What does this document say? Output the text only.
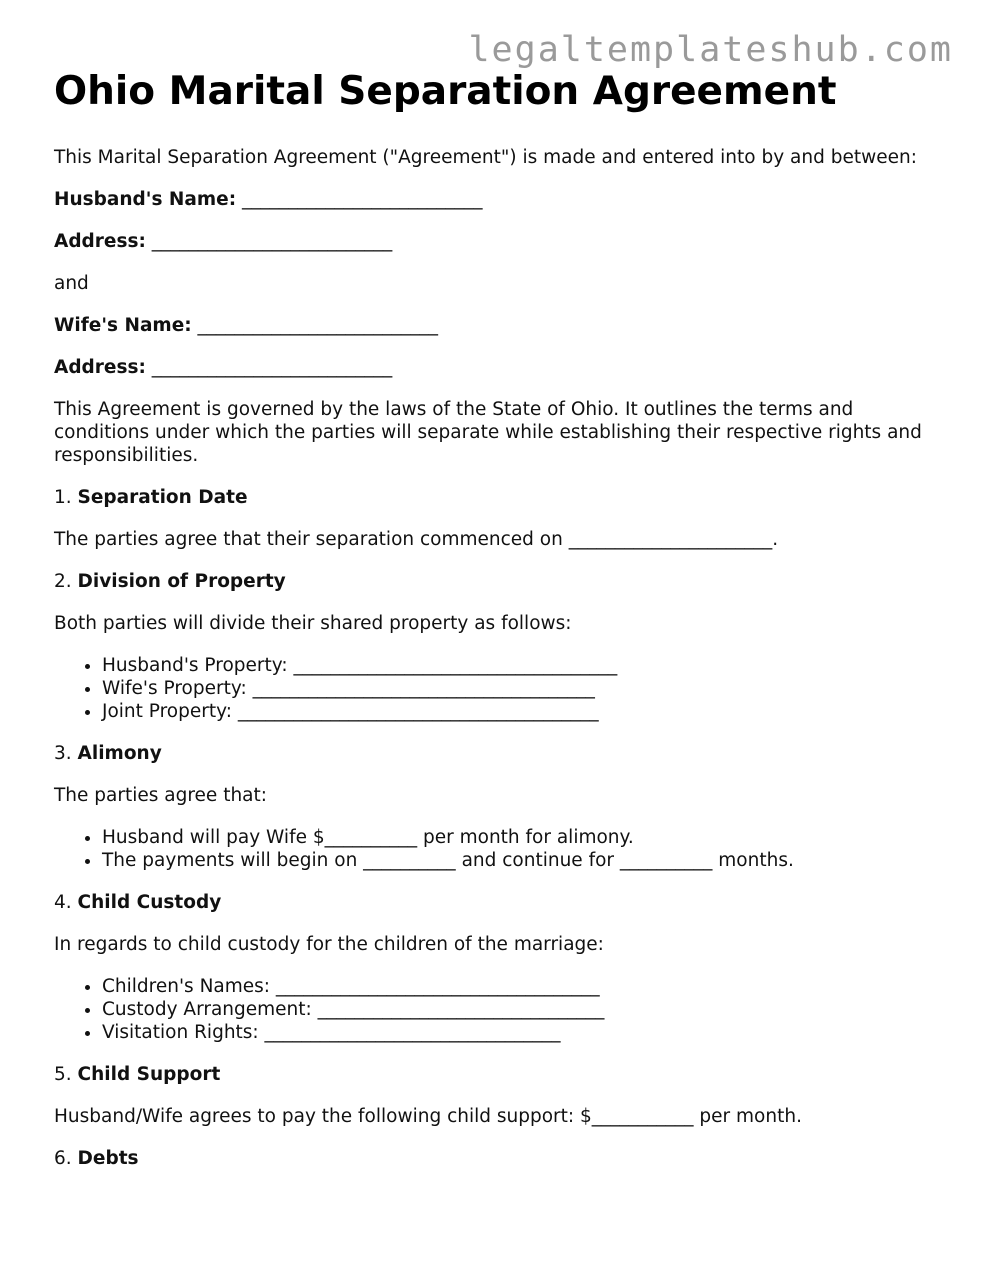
legaltemplateshub.com
Ohio Marital Separation Agreement

This Marital Separation Agreement ("Agreement") is made and entered into by and between:

Husband's Name: __________________________

Address: __________________________

and

Wife's Name: __________________________

Address: __________________________

This Agreement is governed by the laws of the State of Ohio. It outlines the terms and conditions under which the parties will separate while establishing their respective rights and responsibilities.

1. Separation Date

The parties agree that their separation commenced on ______________________.

2. Division of Property

Both parties will divide their shared property as follows:

• Husband's Property: ___________________________________
• Wife's Property: _____________________________________
• Joint Property: _______________________________________
3. Alimony

The parties agree that:

• Husband will pay Wife $__________ per month for alimony.
• The payments will begin on __________ and continue for __________ months.
4. Child Custody

In regards to child custody for the children of the marriage:

• Children's Names: ___________________________________
• Custody Arrangement: _______________________________
• Visitation Rights: ________________________________
5. Child Support

Husband/Wife agrees to pay the following child support: $___________ per month.

6. Debts
